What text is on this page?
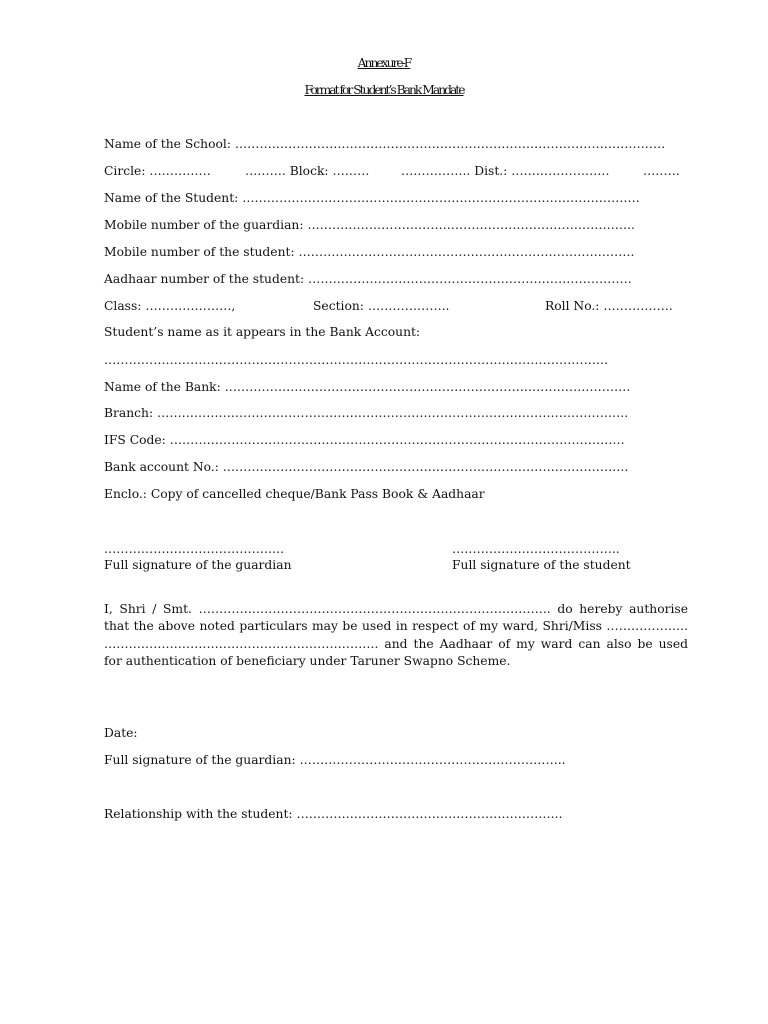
Annexure-F
Format for Student’s Bank Mandate
Name of the School: ……………………………………………………………………………………………
Circle: ……………	………. Block: ………	…………….. Dist.: ……………………	………
Name of the Student: …………………………………………………………………………………….
Mobile number of the guardian: ……………………………………………………………………..
Mobile number of the student: ……………………………………………………………………….
Aadhaar number of the student: …………………………………………………………………….
Class: …………………,	Section: ………………..	Roll No.: ……………..
Student’s name as it appears in the Bank Account:
……………………………………………………………………………………………………………
Name of the Bank: ………………………………………………………………………………………
Branch: …………………………………………………………………………………………………….
IFS Code: …………………………………………………………………………………………………
Bank account No.: ………………………………………………………………………………………
Enclo.: Copy of cancelled cheque/Bank Pass Book & Aadhaar
……………………………………..
Full signature of the guardian
…………………………………..
Full signature of the student
I, Shri / Smt. ………………………………………………………………………….. do hereby authorise that the above noted particulars may be used in respect of my ward, Shri/Miss ……………….. …………………………………………………………. and the Aadhaar of my ward can also be used for authentication of beneficiary under Taruner Swapno Scheme.
Date:
Full signature of the guardian: ………………………………………………………..
Relationship with the student: ………………………………………………………..
